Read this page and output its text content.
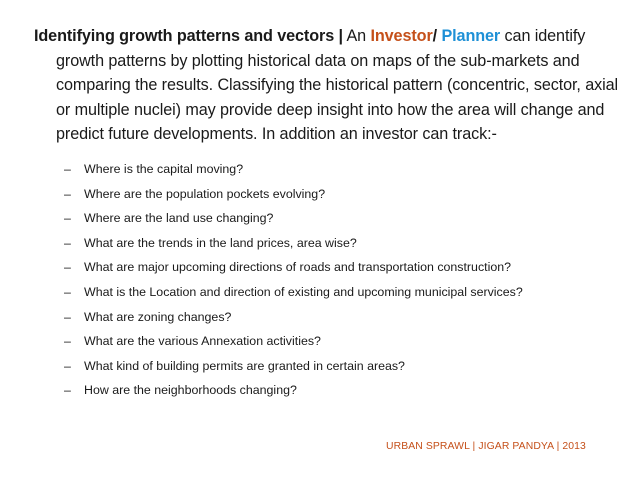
Identifying growth patterns and vectors | An Investor/ Planner can identify growth patterns by plotting historical data on maps of the sub-markets and comparing the results. Classifying the historical pattern (concentric, sector, axial or multiple nuclei) may provide deep insight into how the area will change and predict future developments. In addition an investor can track:-

–	Where is the capital moving?
–	Where are the population pockets evolving?
–	Where are the land use changing?
–	What are the trends in the land prices, area wise?
–	What are major upcoming directions of roads and transportation construction?
–	What is the Location and direction of existing and upcoming municipal services?
–	What are zoning changes?
–	What are the various Annexation activities?
–	What kind of building permits are granted in certain areas?
–	How are the neighborhoods changing?
URBAN SPRAWL | JIGAR PANDYA | 2013
